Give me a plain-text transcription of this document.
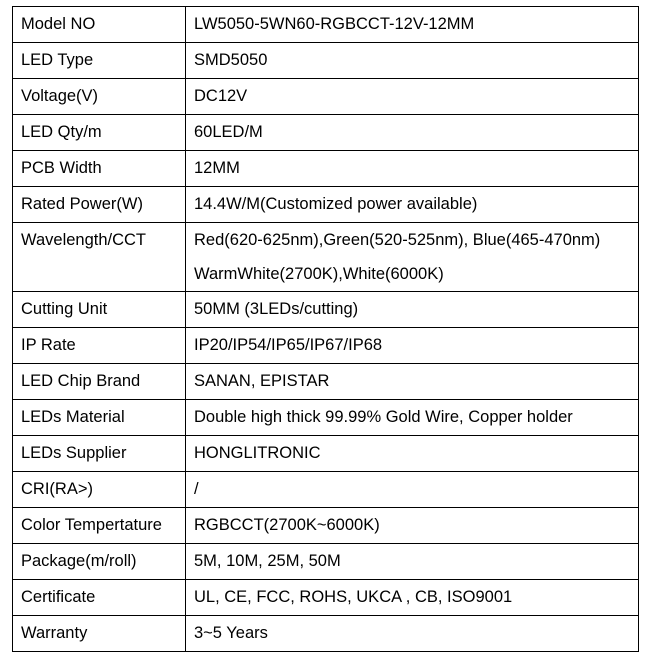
Model NO	LW5050-5WN60-RGBCCT-12V-12MM
LED Type	SMD5050
Voltage(V)	DC12V
LED Qty/m	60LED/M
PCB Width	12MM
Rated Power(W)	14.4W/M(Customized power available)
Wavelength/CCT	Red(620-625nm),Green(520-525nm), Blue(465-470nm)
WarmWhite(2700K),White(6000K)

Cutting Unit	50MM (3LEDs/cutting)
IP Rate	IP20/IP54/IP65/IP67/IP68
LED Chip Brand	SANAN, EPISTAR
LEDs Material	Double high thick 99.99% Gold Wire, Copper holder
LEDs Supplier	HONGLITRONIC
CRI(RA>)	/
Color Tempertature	RGBCCT(2700K~6000K)
Package(m/roll)	5M, 10M, 25M, 50M
Certificate	UL, CE, FCC, ROHS, UKCA , CB, ISO9001
Warranty	3~5 Years
